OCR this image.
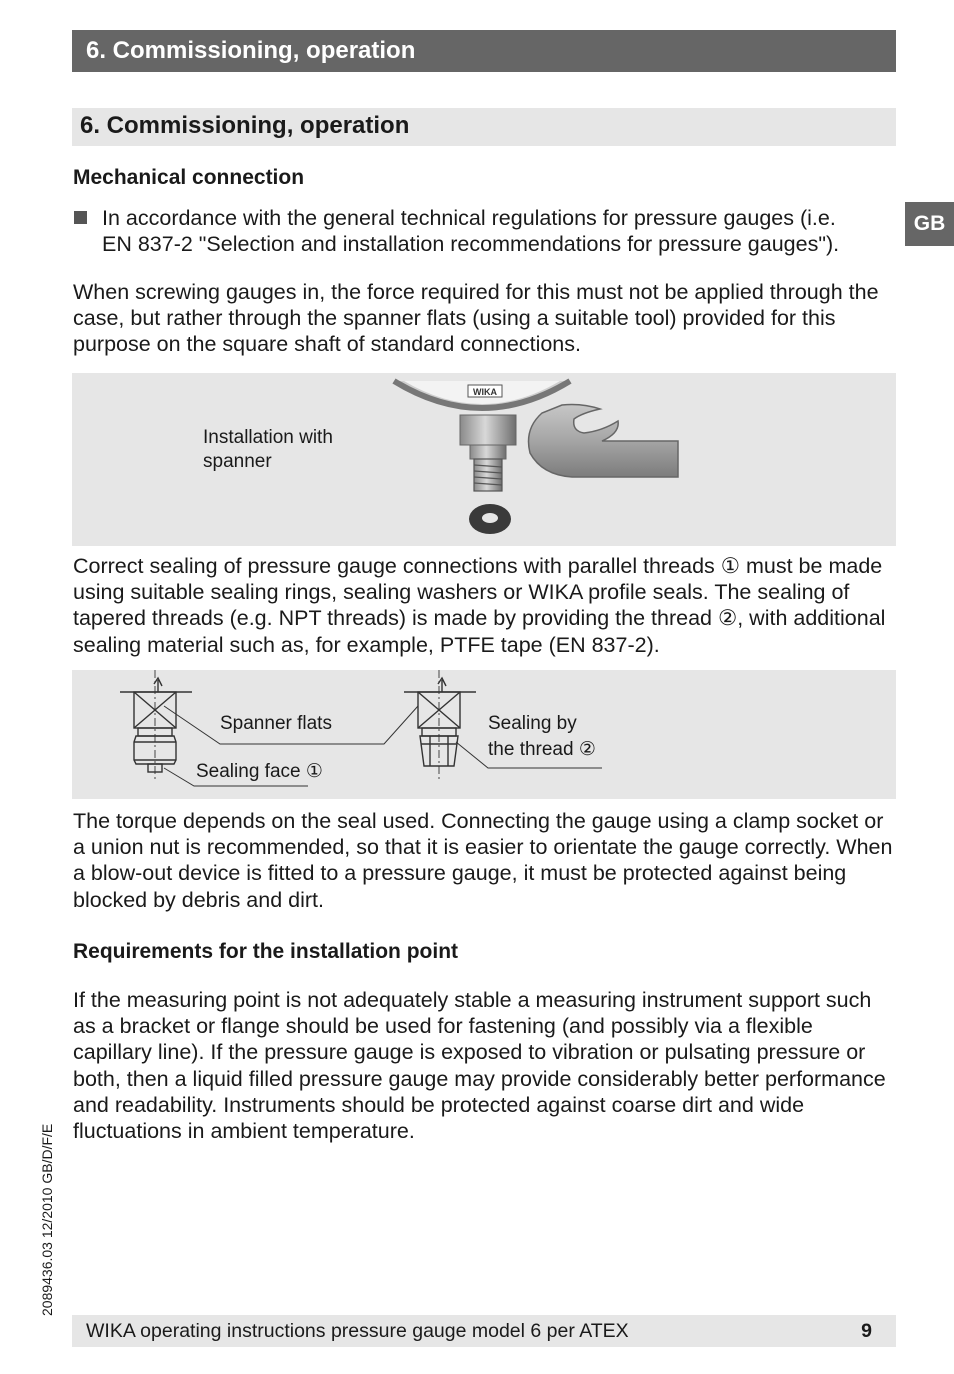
6. Commissioning, operation
6. Commissioning, operation
GB
Mechanical connection

In accordance with the general technical regulations for pressure gauges (i.e.
EN 837-2 "Selection and installation recommendations for pressure gauges").

When screwing gauges in, the force required for this must not be applied through the case, but rather through the spanner flats (using a suitable tool) provided for this purpose on the square shaft of standard connections.

Installation with
spanner
WIKA

Correct sealing of pressure gauge connections with parallel threads ① must be made using suitable sealing rings, sealing washers or WIKA profile seals. The sealing of tapered threads (e.g. NPT threads) is made by providing the thread ②, with additional sealing material such as, for example, PTFE tape (EN 837-2).

Spanner flats
Sealing face ①
Sealing by
the thread ②

The torque depends on the seal used. Connecting the gauge using a clamp socket or a union nut is recommended, so that it is easier to orientate the gauge correctly. When a blow-out device is fitted to a pressure gauge, it must be protected against being blocked by debris and dirt.

Requirements for the installation point

If the measuring point is not adequately stable a measuring instrument support such as a bracket or flange should be used for fastening (and possibly via a flexible capillary line). If the pressure gauge is exposed to vibration or pulsating pressure or both, then a liquid filled pressure gauge may provide considerably better performance and readability. Instruments should be protected against coarse dirt and wide fluctuations in ambient temperature.

2089436.03 12/2010 GB/D/F/E
WIKA operating instructions pressure gauge model 6 per ATEX	9
